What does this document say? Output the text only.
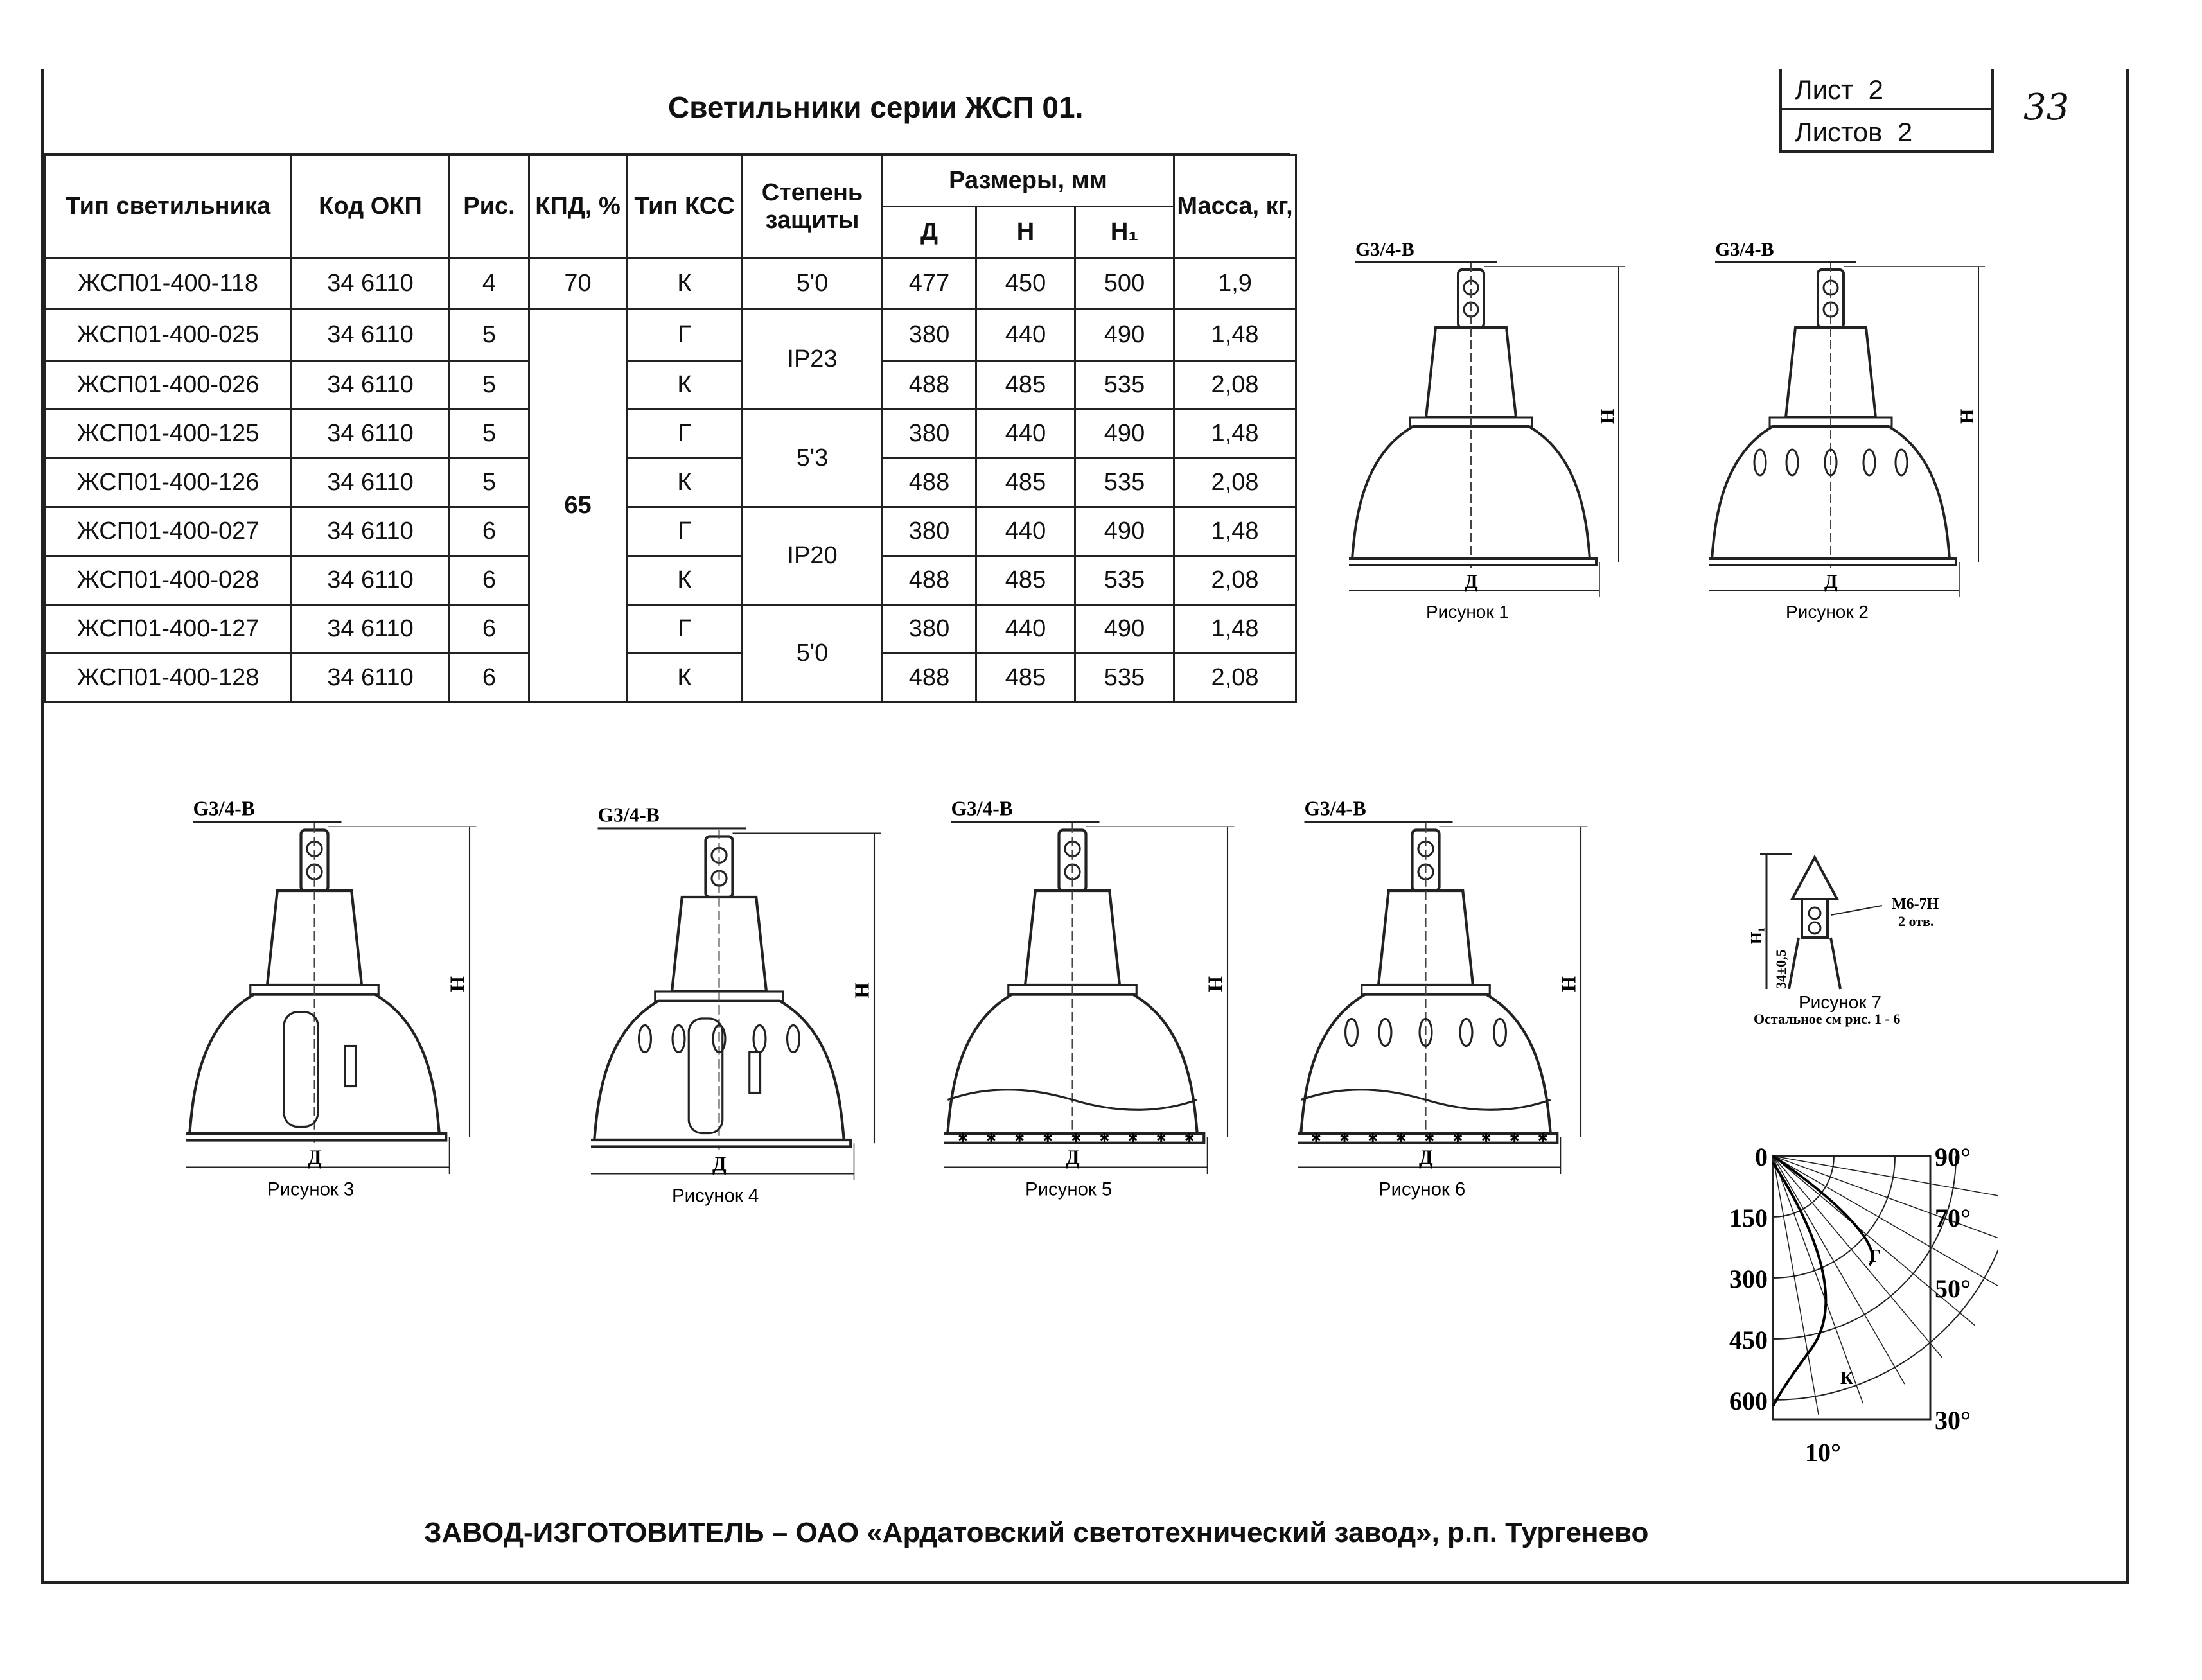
Светильники серии ЖСП 01.
Лист 2
Листов 2
33
Тип светильника	Код ОКП	Рис.	КПД, %	Тип КСС	Степень защиты	Размеры, мм			Масса, кг,
						Д	Н	Н₁	
ЖСП01-400-118	34 6110	4	70	К	5'0	477	450	500	1,9
ЖСП01-400-025	34 6110	5	65	Г	IP23	380	440	490	1,48
ЖСП01-400-026	34 6110	5		К		488	485	535	2,08
ЖСП01-400-125	34 6110	5		Г	5'3	380	440	490	1,48
ЖСП01-400-126	34 6110	5		К		488	485	535	2,08
ЖСП01-400-027	34 6110	6		Г	IP20	380	440	490	1,48
ЖСП01-400-028	34 6110	6		К		488	485	535	2,08
ЖСП01-400-127	34 6110	6		Г	5'0	380	440	490	1,48
ЖСП01-400-128	34 6110	6		К		488	485	535	2,08
G3/4-B
Н
Д
Рисунок 1
G3/4-B
Н
Д
Рисунок 2
G3/4-B
Н
Д
Рисунок 3
G3/4-B
Н
Д
Рисунок 4
G3/4-B
✱ ✱ ✱ ✱ ✱ ✱ ✱ ✱ ✱
Н
Д
Рисунок 5
G3/4-B
✱ ✱ ✱ ✱ ✱ ✱ ✱ ✱ ✱
Н
Д
Рисунок 6
М6-7Н
2 отв.
Н₁
34±0,5
Рисунок 7
Остальное см рис. 1 - 6
0
150
300
450
600
90°
70°
50°
30°
10°
Г
К
ЗАВОД-ИЗГОТОВИТЕЛЬ – ОАО «Ардатовский светотехнический завод», р.п. Тургенево
